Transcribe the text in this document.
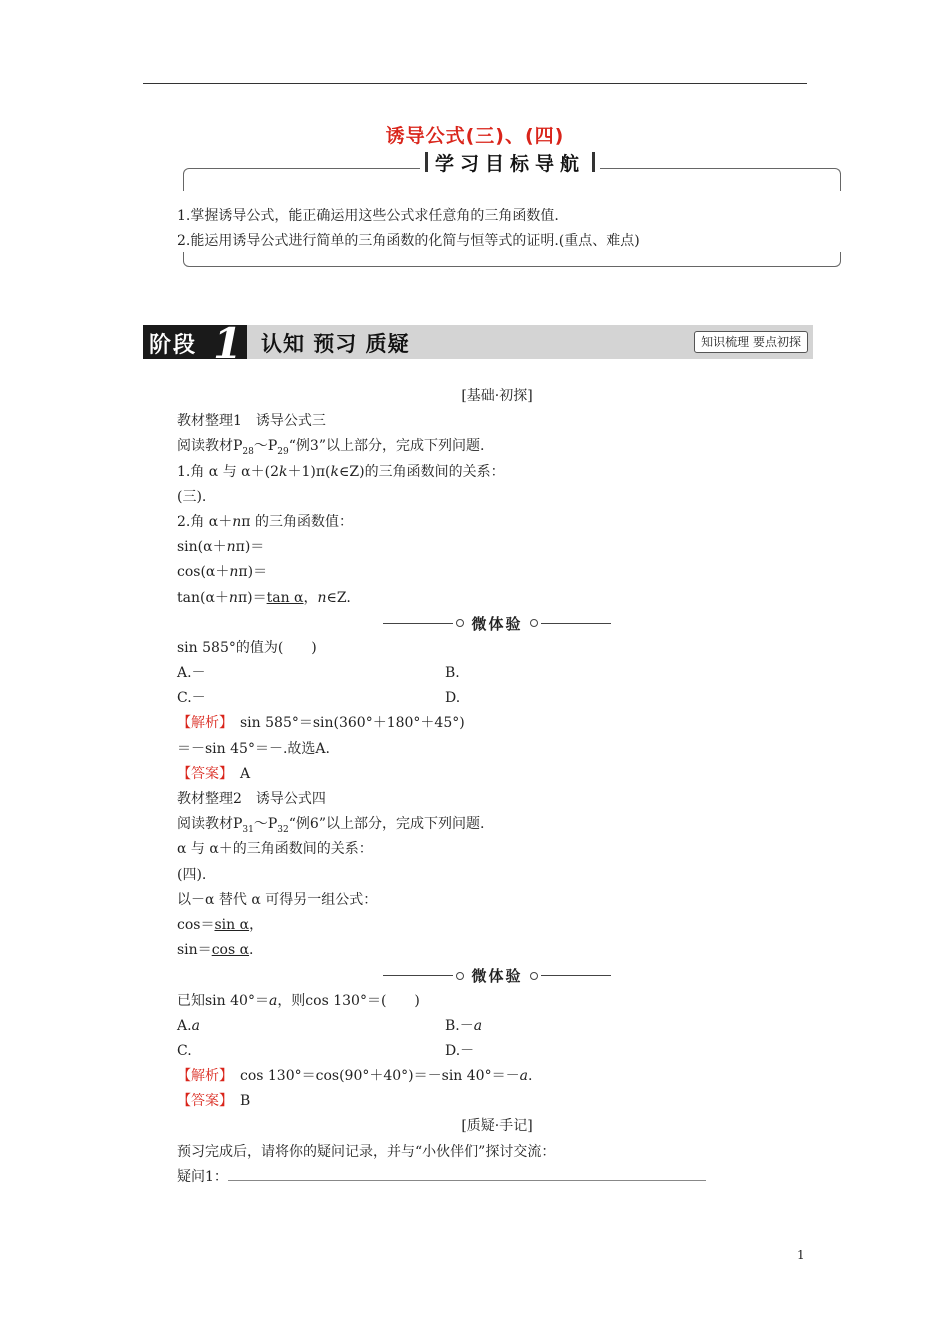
诱导公式(三)、(四)
学习目标导航
1.掌握诱导公式，能正确运用这些公式求任意角的三角函数值.
2.能运用诱导公式进行简单的三角函数的化简与恒等式的证明.(重点、难点)
阶段 1 认知 预习 质疑	知识梳理 要点初探
[基础·初探]
教材整理1　诱导公式三
阅读教材$P_{28}\sim P_{29}“$例3”以上部分，完成下列问题.
1.角 α 与 α＋(2k＋1)π(k∈Z)的三角函数间的关系：
(三).
2.角 α＋nπ 的三角函数值：
sin(α＋nπ)＝
cos(α＋nπ)＝
tan(α＋nπ)＝tan α，n∈Z.
微体验
sin 585°的值为(　　)
A.－	B.
C.－	D.
【解析】　sin 585°＝sin(360°＋180°＋45°)
＝－sin 45°＝－.故选A.
【答案】　A
教材整理2　诱导公式四
阅读教材$P_{31}\sim P_{32}“$例6”以上部分，完成下列问题.
α 与 α＋的三角函数间的关系：
(四).
以－α 替代 α 可得另一组公式：
cos＝sin α，
sin＝cos α.
微体验
已知sin 40°＝a，则cos 130°＝(　　)
A.a	B.－a
C.	D.－
【解析】　cos 130°＝cos(90°＋40°)＝－sin 40°＝－a.
【答案】　B
[质疑·手记]
预习完成后，请将你的疑问记录，并与“小伙伴们”探讨交流：
疑问1：
1
